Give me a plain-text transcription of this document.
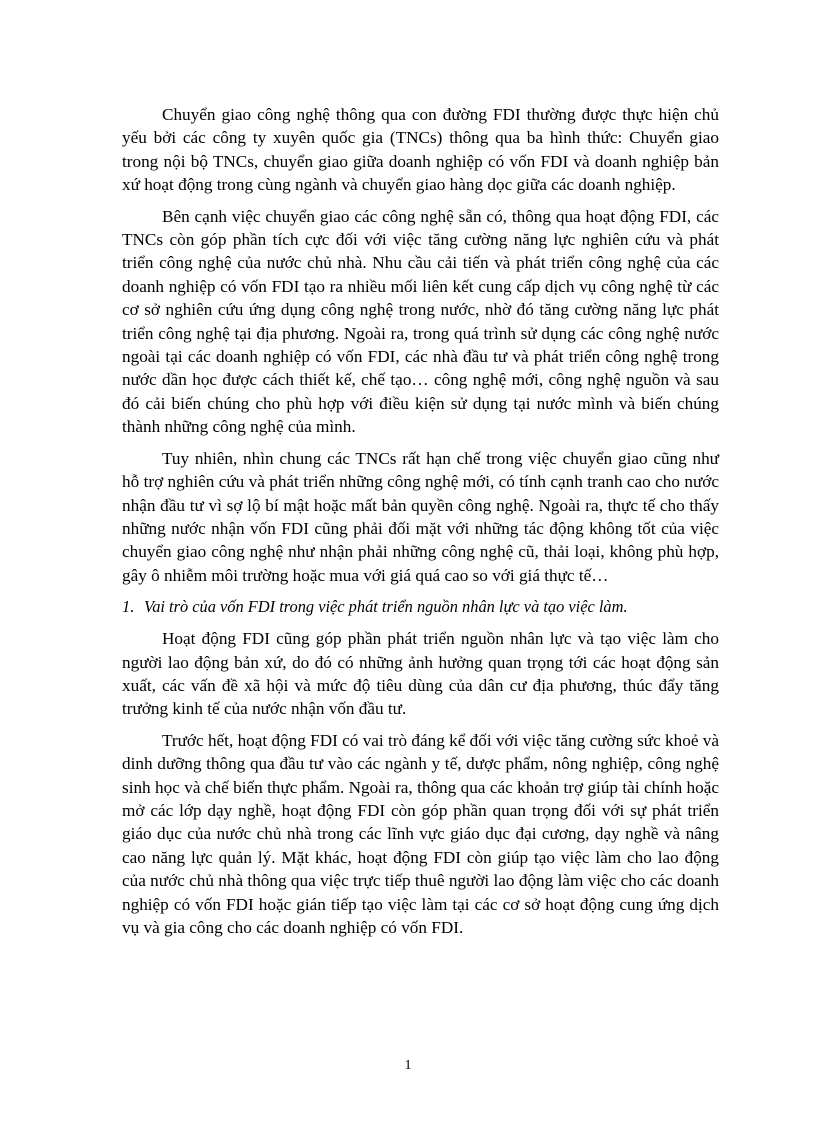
Chuyển giao công nghệ thông qua con đường FDI thường được thực hiện chủ yếu bởi các công ty xuyên quốc gia (TNCs) thông qua ba hình thức: Chuyển giao trong nội bộ TNCs, chuyển giao giữa doanh nghiệp có vốn FDI và doanh nghiệp bản xứ hoạt động trong cùng ngành và chuyển giao hàng dọc giữa các doanh nghiệp.

Bên cạnh việc chuyển giao các công nghệ sẵn có, thông qua hoạt động FDI, các TNCs còn góp phần tích cực đối với việc tăng cường năng lực nghiên cứu và phát triển công nghệ của nước chủ nhà. Nhu cầu cải tiến và phát triển công nghệ của các doanh nghiệp có vốn FDI tạo ra nhiều mối liên kết cung cấp dịch vụ công nghệ từ các cơ sở nghiên cứu ứng dụng công nghệ trong nước, nhờ đó tăng cường năng lực phát triển công nghệ tại địa phương. Ngoài ra, trong quá trình sử dụng các công nghệ nước ngoài tại các doanh nghiệp có vốn FDI, các nhà đầu tư và phát triển công nghệ trong nước dần học được cách thiết kế, chế tạo… công nghệ mới, công nghệ nguồn và sau đó cải biến chúng cho phù hợp với điều kiện sử dụng tại nước mình và biến chúng thành những công nghệ của mình.

Tuy nhiên, nhìn chung các TNCs rất hạn chế trong việc chuyển giao cũng như hỗ trợ nghiên cứu và phát triển những công nghệ mới, có tính cạnh tranh cao cho nước nhận đầu tư vì sợ lộ bí mật hoặc mất bản quyền công nghệ. Ngoài ra, thực tế cho thấy những nước nhận vốn FDI cũng phải đối mặt với những tác động không tốt của việc chuyển giao công nghệ như nhận phải những công nghệ cũ, thải loại, không phù hợp, gây ô nhiễm môi trường hoặc mua với giá quá cao so với giá thực tế…

1. Vai trò của vốn FDI trong việc phát triển nguồn nhân lực và tạo việc làm.

Hoạt động FDI cũng góp phần phát triển nguồn nhân lực và tạo việc làm cho người lao động bản xứ, do đó có những ảnh hưởng quan trọng tới các hoạt động sản xuất, các vấn đề xã hội và mức độ tiêu dùng của dân cư địa phương, thúc đẩy tăng trưởng kinh tế của nước nhận vốn đầu tư.

Trước hết, hoạt động FDI có vai trò đáng kể đối với việc tăng cường sức khoẻ và dinh dưỡng thông qua đầu tư vào các ngành y tế, dược phẩm, nông nghiệp, công nghệ sinh học và chế biến thực phẩm. Ngoài ra, thông qua các khoản trợ giúp tài chính hoặc mở các lớp dạy nghề, hoạt động FDI còn góp phần quan trọng đối với sự phát triển giáo dục của nước chủ nhà trong các lĩnh vực giáo dục đại cương, dạy nghề và nâng cao năng lực quản lý. Mặt khác, hoạt động FDI còn giúp tạo việc làm cho lao động của nước chủ nhà thông qua việc trực tiếp thuê người lao động làm việc cho các doanh nghiệp có vốn FDI hoặc gián tiếp tạo việc làm tại các cơ sở hoạt động cung ứng dịch vụ và gia công cho các doanh nghiệp có vốn FDI.

1
